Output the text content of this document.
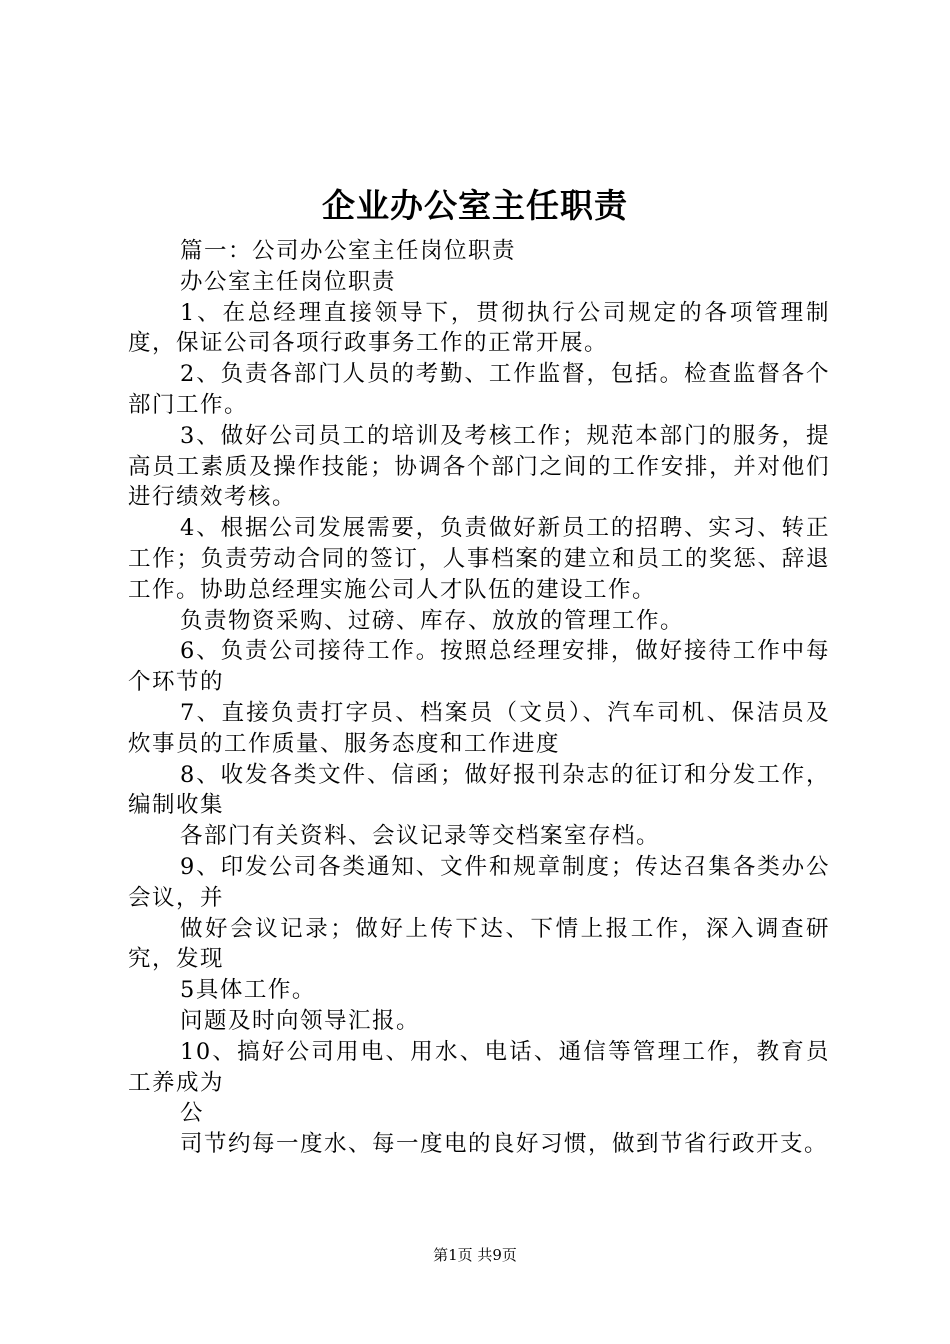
企业办公室主任职责

篇一：公司办公室主任岗位职责

办公室主任岗位职责

1、在总经理直接领导下，贯彻执行公司规定的各项管理制度，保证公司各项行政事务工作的正常开展。

2、负责各部门人员的考勤、工作监督，包括。检查监督各个部门工作。

3、做好公司员工的培训及考核工作；规范本部门的服务，提高员工素质及操作技能；协调各个部门之间的工作安排，并对他们进行绩效考核。

4、根据公司发展需要，负责做好新员工的招聘、实习、转正工作；负责劳动合同的签订，人事档案的建立和员工的奖惩、辞退工作。协助总经理实施公司人才队伍的建设工作。

负责物资采购、过磅、库存、放放的管理工作。

6、负责公司接待工作。按照总经理安排，做好接待工作中每个环节的

7、直接负责打字员、档案员（文员）、汽车司机、保洁员及炊事员的工作质量、服务态度和工作进度

8、收发各类文件、信函；做好报刊杂志的征订和分发工作，编制收集

各部门有关资料、会议记录等交档案室存档。

9、印发公司各类通知、文件和规章制度；传达召集各类办公会议，并

做好会议记录；做好上传下达、下情上报工作，深入调查研究，发现

5具体工作。

问题及时向领导汇报。

10、搞好公司用电、用水、电话、通信等管理工作，教育员工养成为

公

司节约每一度水、每一度电的良好习惯，做到节省行政开支。

第1页 共9页
